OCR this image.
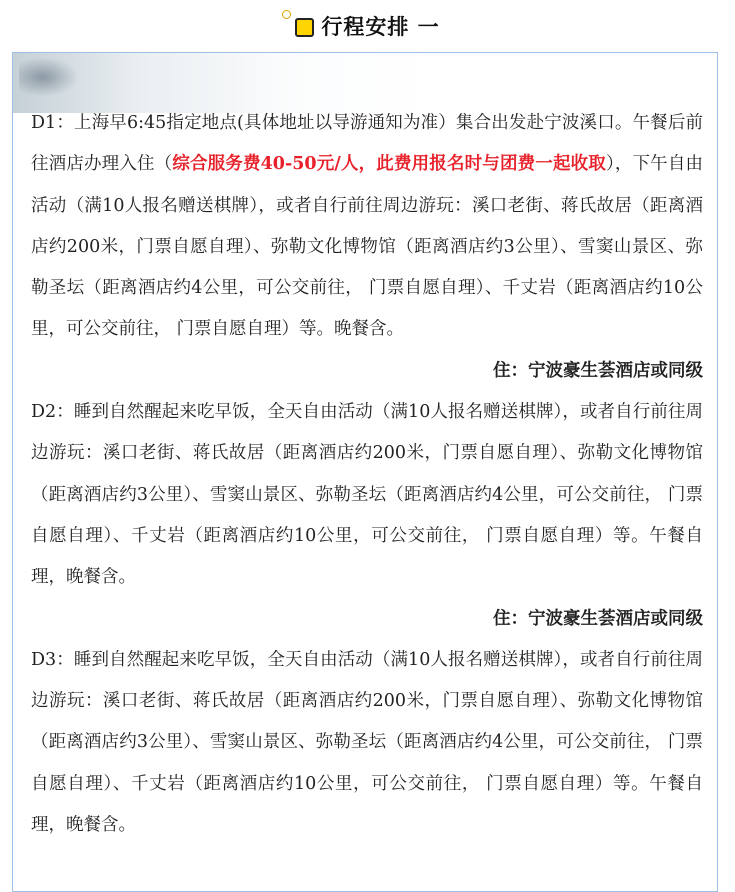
行程安排 一

D1：上海早6:45指定地点(具体地址以导游通知为准）集合出发赴宁波溪口。午餐后前往酒店办理入住（综合服务费40-50元/人，此费用报名时与团费一起收取），下午自由活动（满10人报名赠送棋牌），或者自行前往周边游玩：溪口老街、蒋氏故居（距离酒店约200米，门票自愿自理）、弥勒文化博物馆（距离酒店约3公里）、雪窦山景区、弥勒圣坛（距离酒店约4公里，可公交前往， 门票自愿自理）、千丈岩（距离酒店约10公里，可公交前往， 门票自愿自理）等。晚餐含。

住：宁波豪生荟酒店或同级

D2：睡到自然醒起来吃早饭，全天自由活动（满10人报名赠送棋牌），或者自行前往周边游玩：溪口老街、蒋氏故居（距离酒店约200米，门票自愿自理）、弥勒文化博物馆（距离酒店约3公里）、雪窦山景区、弥勒圣坛（距离酒店约4公里，可公交前往， 门票自愿自理）、千丈岩（距离酒店约10公里，可公交前往， 门票自愿自理）等。午餐自理，晚餐含。

住：宁波豪生荟酒店或同级

D3：睡到自然醒起来吃早饭，全天自由活动（满10人报名赠送棋牌），或者自行前往周边游玩：溪口老街、蒋氏故居（距离酒店约200米，门票自愿自理）、弥勒文化博物馆（距离酒店约3公里）、雪窦山景区、弥勒圣坛（距离酒店约4公里，可公交前往， 门票自愿自理）、千丈岩（距离酒店约10公里，可公交前往， 门票自愿自理）等。午餐自理，晚餐含。
